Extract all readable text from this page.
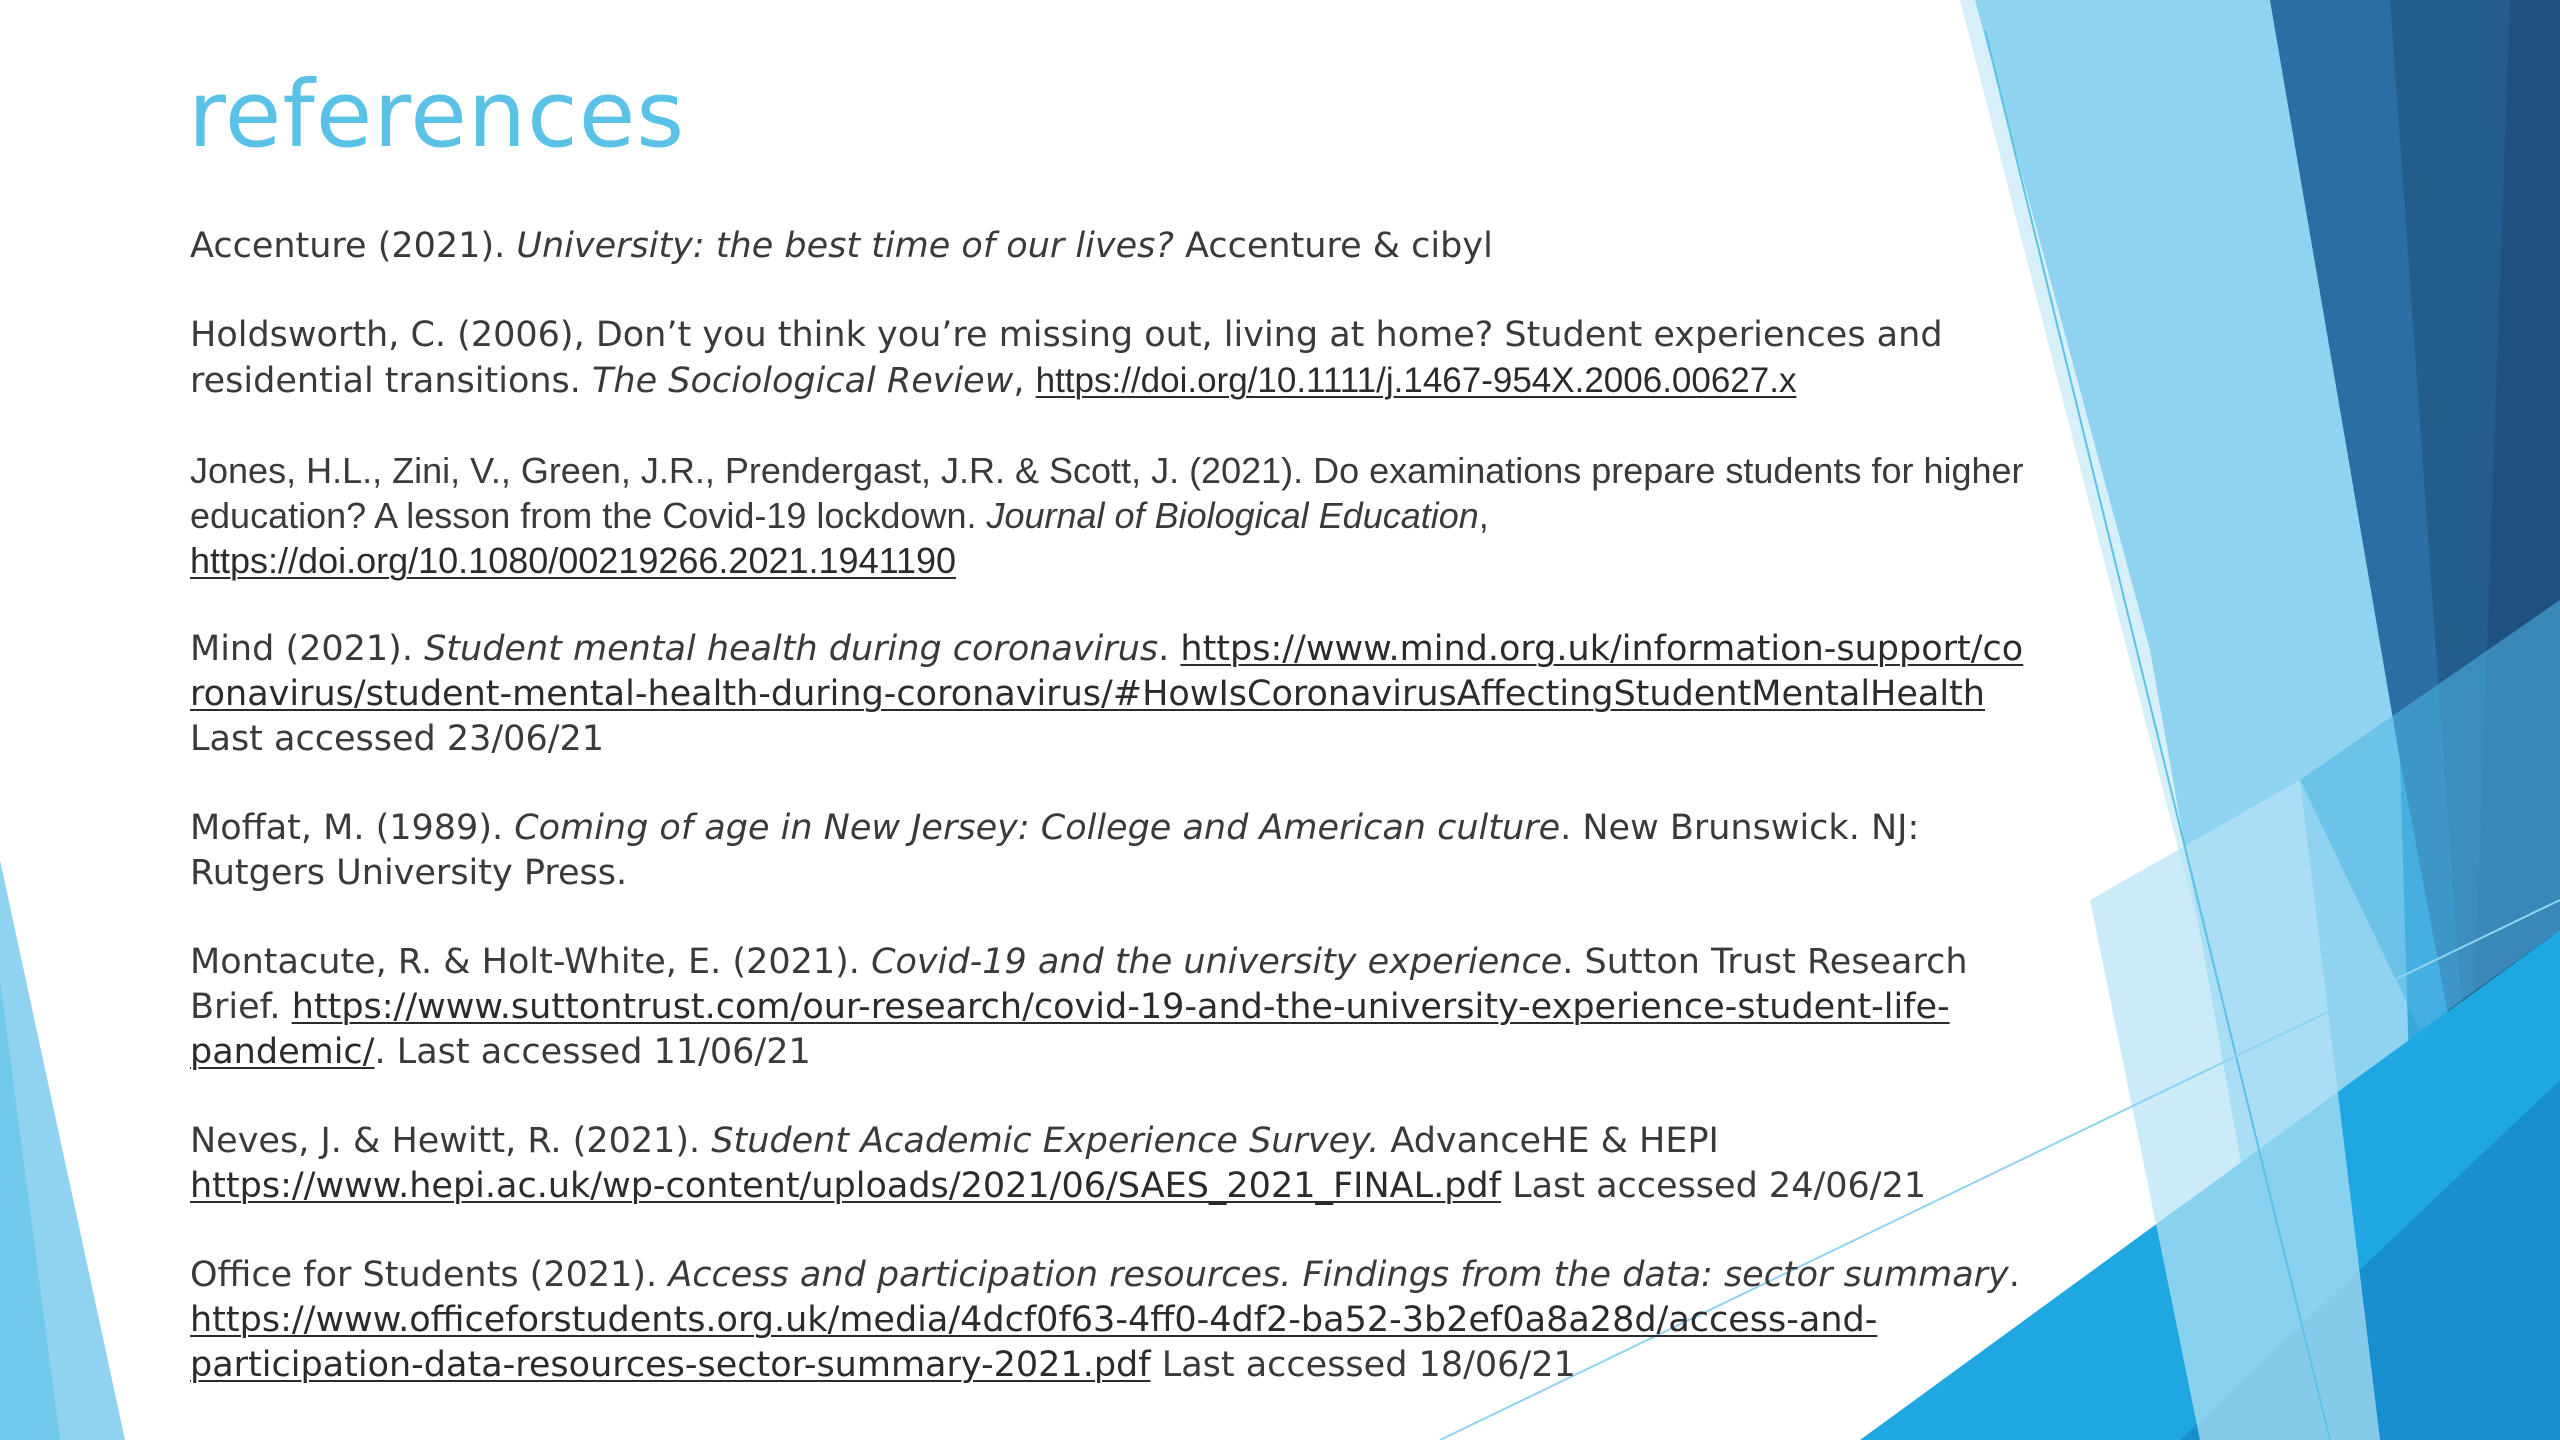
references

Accenture (2021). University: the best time of our lives? Accenture & cibyl

Holdsworth, C. (2006), Don’t you think you’re missing out, living at home? Student experiences and residential transitions. The Sociological Review, https://doi.org/10.1111/j.1467-954X.2006.00627.x

Jones, H.L., Zini, V., Green, J.R., Prendergast, J.R. & Scott, J. (2021). Do examinations prepare students for higher education? A lesson from the Covid-19 lockdown. Journal of Biological Education,
https://doi.org/10.1080/00219266.2021.1941190

Mind (2021). Student mental health during coronavirus. https://www.mind.org.uk/information-support/coronavirus/student-mental-health-during-coronavirus/#HowIsCoronavirusAffectingStudentMentalHealth Last accessed 23/06/21

Moffat, M. (1989). Coming of age in New Jersey: College and American culture. New Brunswick. NJ: Rutgers University Press.

Montacute, R. & Holt-White, E. (2021). Covid-19 and the university experience. Sutton Trust Research Brief. https://www.suttontrust.com/our-research/covid-19-and-the-university-experience-student-life-pandemic/. Last accessed 11/06/21

Neves, J. & Hewitt, R. (2021). Student Academic Experience Survey. AdvanceHE & HEPI https://www.hepi.ac.uk/wp-content/uploads/2021/06/SAES_2021_FINAL.pdf Last accessed 24/06/21

Office for Students (2021). Access and participation resources. Findings from the data: sector summary. https://www.officeforstudents.org.uk/media/4dcf0f63-4ff0-4df2-ba52-3b2ef0a8a28d/access-and-participation-data-resources-sector-summary-2021.pdf Last accessed 18/06/21
